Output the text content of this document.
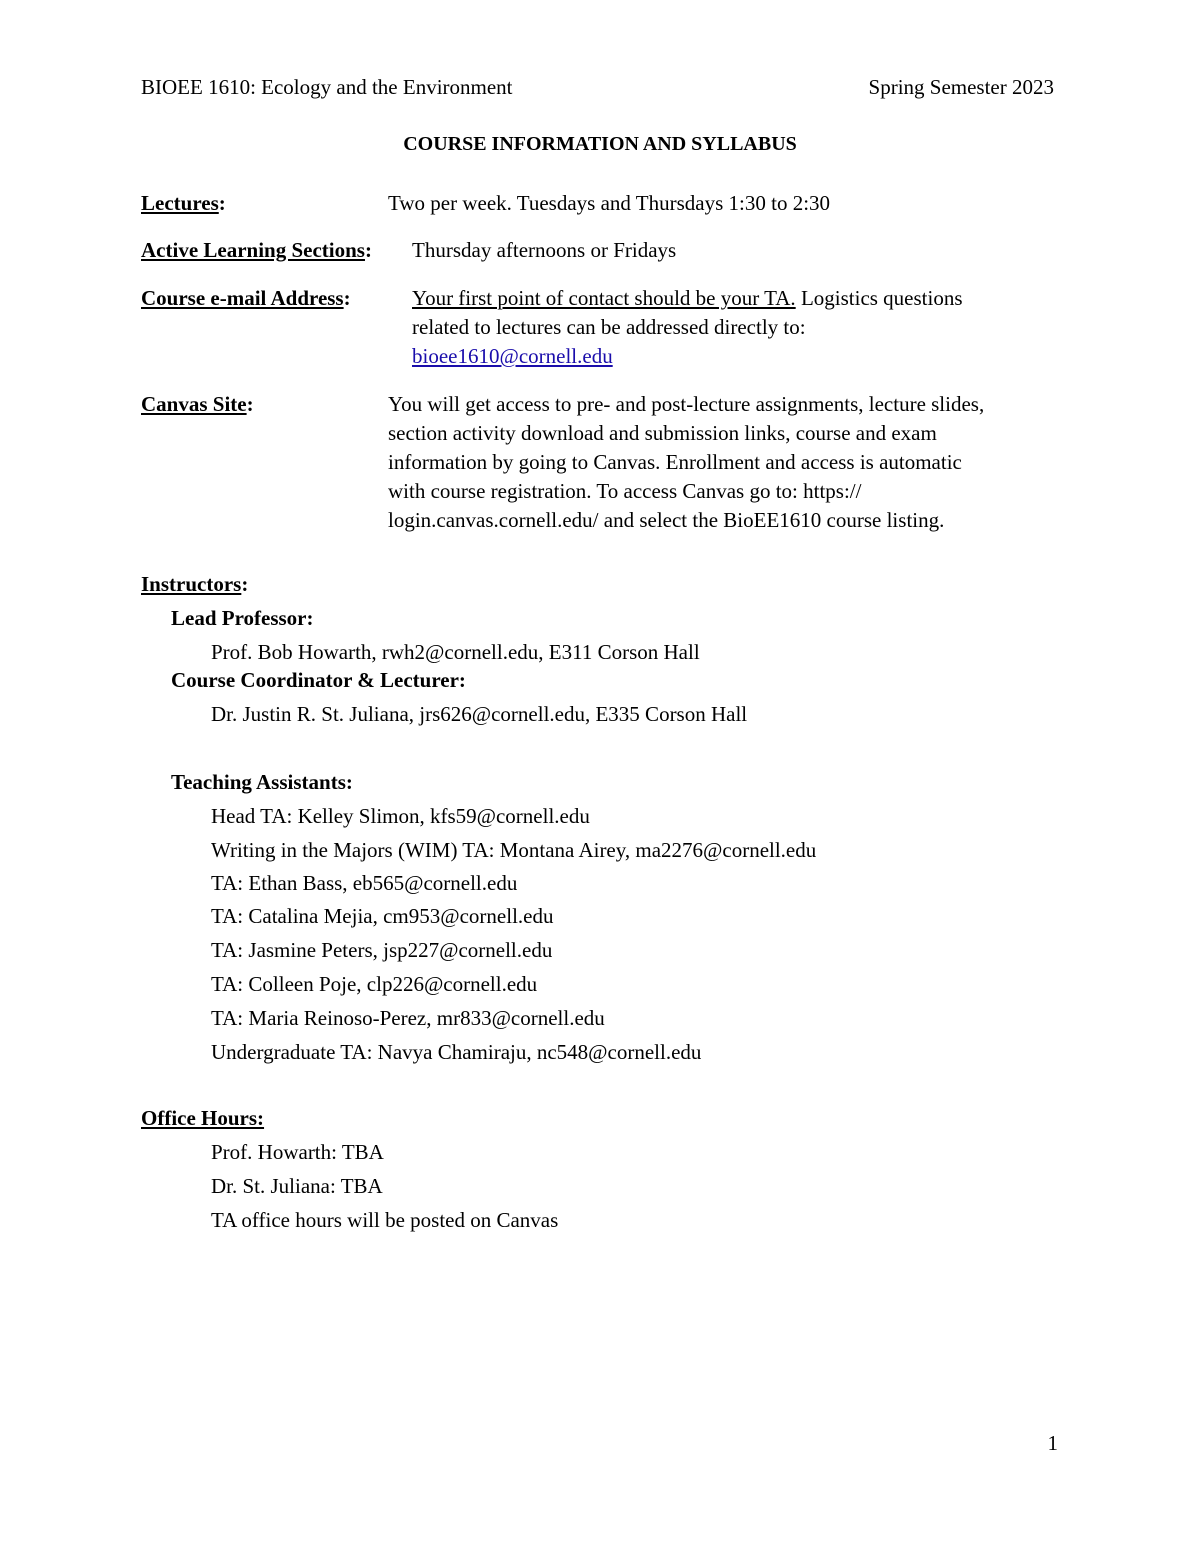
BIOEE 1610: Ecology and the Environment	Spring Semester 2023
COURSE INFORMATION AND SYLLABUS
Lectures:	Two per week. Tuesdays and Thursdays 1:30 to 2:30
Active Learning Sections: Thursday afternoons or Fridays
Course e-mail Address:	Your first point of contact should be your TA. Logistics questions
related to lectures can be addressed directly to:
bioee1610@cornell.edu
Canvas Site:	You will get access to pre- and post-lecture assignments, lecture slides,
section activity download and submission links, course and exam
information by going to Canvas. Enrollment and access is automatic
with course registration. To access Canvas go to: https://
login.canvas.cornell.edu/ and select the BioEE1610 course listing.
Instructors:
Lead Professor:
Prof. Bob Howarth, rwh2@cornell.edu, E311 Corson Hall
Course Coordinator & Lecturer:
Dr. Justin R. St. Juliana, jrs626@cornell.edu, E335 Corson Hall
Teaching Assistants:
Head TA: Kelley Slimon, kfs59@cornell.edu
Writing in the Majors (WIM) TA: Montana Airey, ma2276@cornell.edu
TA: Ethan Bass, eb565@cornell.edu
TA: Catalina Mejia, cm953@cornell.edu
TA: Jasmine Peters, jsp227@cornell.edu
TA: Colleen Poje, clp226@cornell.edu
TA: Maria Reinoso-Perez, mr833@cornell.edu
Undergraduate TA: Navya Chamiraju, nc548@cornell.edu
Office Hours:
Prof. Howarth: TBA
Dr. St. Juliana: TBA
TA office hours will be posted on Canvas
1
